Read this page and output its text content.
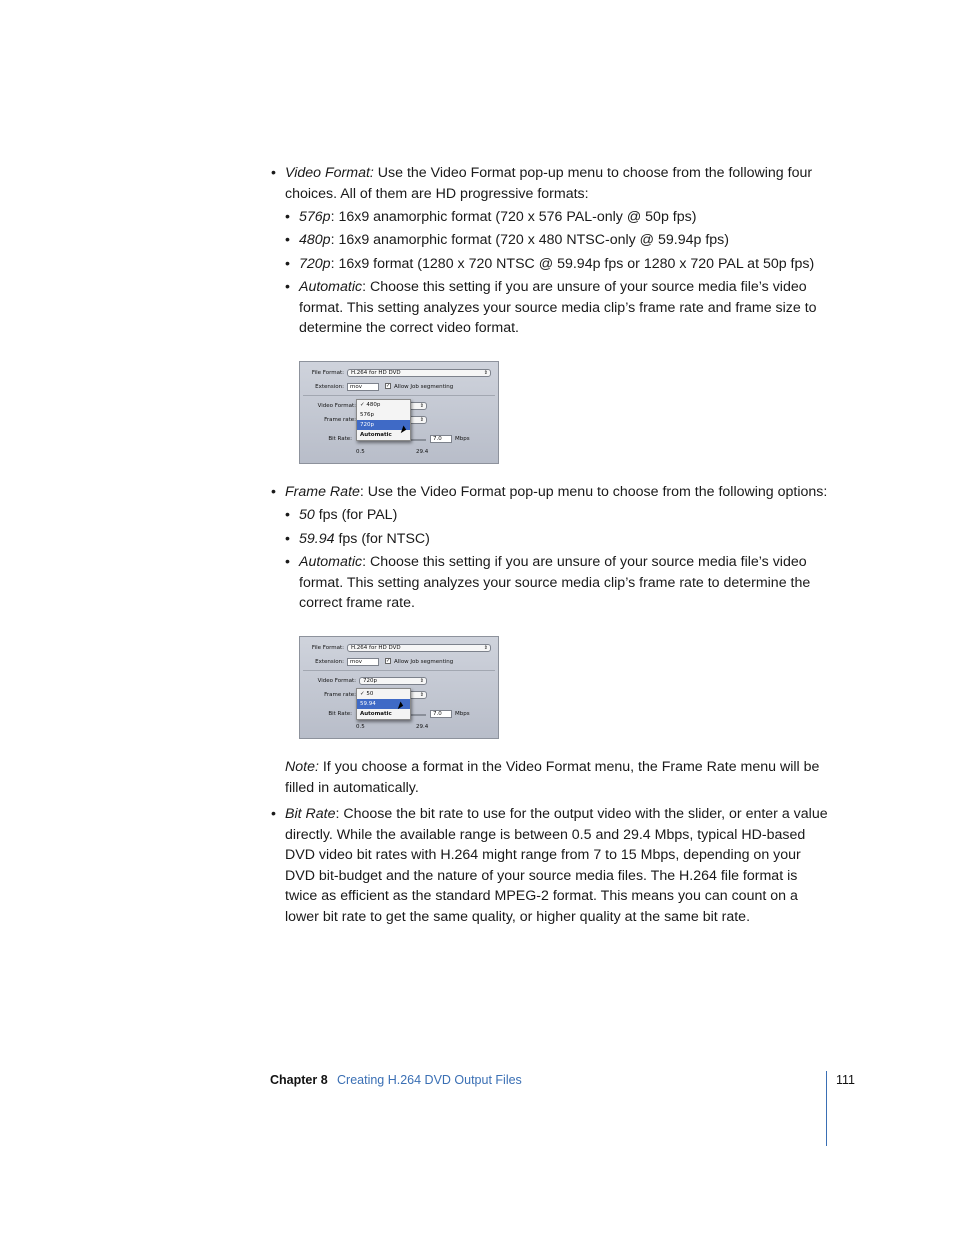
• Video Format: Use the Video Format pop-up menu to choose from the following four choices. All of them are HD progressive formats:
• 576p: 16x9 anamorphic format (720 x 576 PAL-only @ 50p fps)
• 480p: 16x9 anamorphic format (720 x 480 NTSC-only @ 59.94p fps)
• 720p: 16x9 format (1280 x 720 NTSC @ 59.94p fps or 1280 x 720 PAL at 50p fps)
• Automatic: Choose this setting if you are unsure of your source media file’s video format. This setting analyzes your source media clip’s frame rate and frame size to determine the correct video format.
File Format:	H.264 for HD DVD	⇕
Extension:	mov	✓ Allow Job segmenting
Video Format:	⇕
Frame rate:	⇕
Bit Rate:	7.0	Mbps
0.5	29.4
✓ 480p
576p
720p
Automatic
• Frame Rate: Use the Video Format pop-up menu to choose from the following options:
• 50 fps (for PAL)
• 59.94 fps (for NTSC)
• Automatic: Choose this setting if you are unsure of your source media file’s video format. This setting analyzes your source media clip’s frame rate to determine the correct frame rate.
File Format:	H.264 for HD DVD	⇕
Extension:	mov	✓ Allow Job segmenting
Video Format:	720p	⇕
Frame rate:	⇕
Bit Rate:	7.0	Mbps
0.5	29.4
✓ 50
59.94
Automatic
Note: If you choose a format in the Video Format menu, the Frame Rate menu will be filled in automatically.
• Bit Rate: Choose the bit rate to use for the output video with the slider, or enter a value directly. While the available range is between 0.5 and 29.4 Mbps, typical HD-based DVD video bit rates with H.264 might range from 7 to 15 Mbps, depending on your DVD bit-budget and the nature of your source media files. The H.264 file format is twice as efficient as the standard MPEG-2 format. This means you can count on a lower bit rate to get the same quality, or higher quality at the same bit rate.
Chapter 8 Creating H.264 DVD Output Files	111
